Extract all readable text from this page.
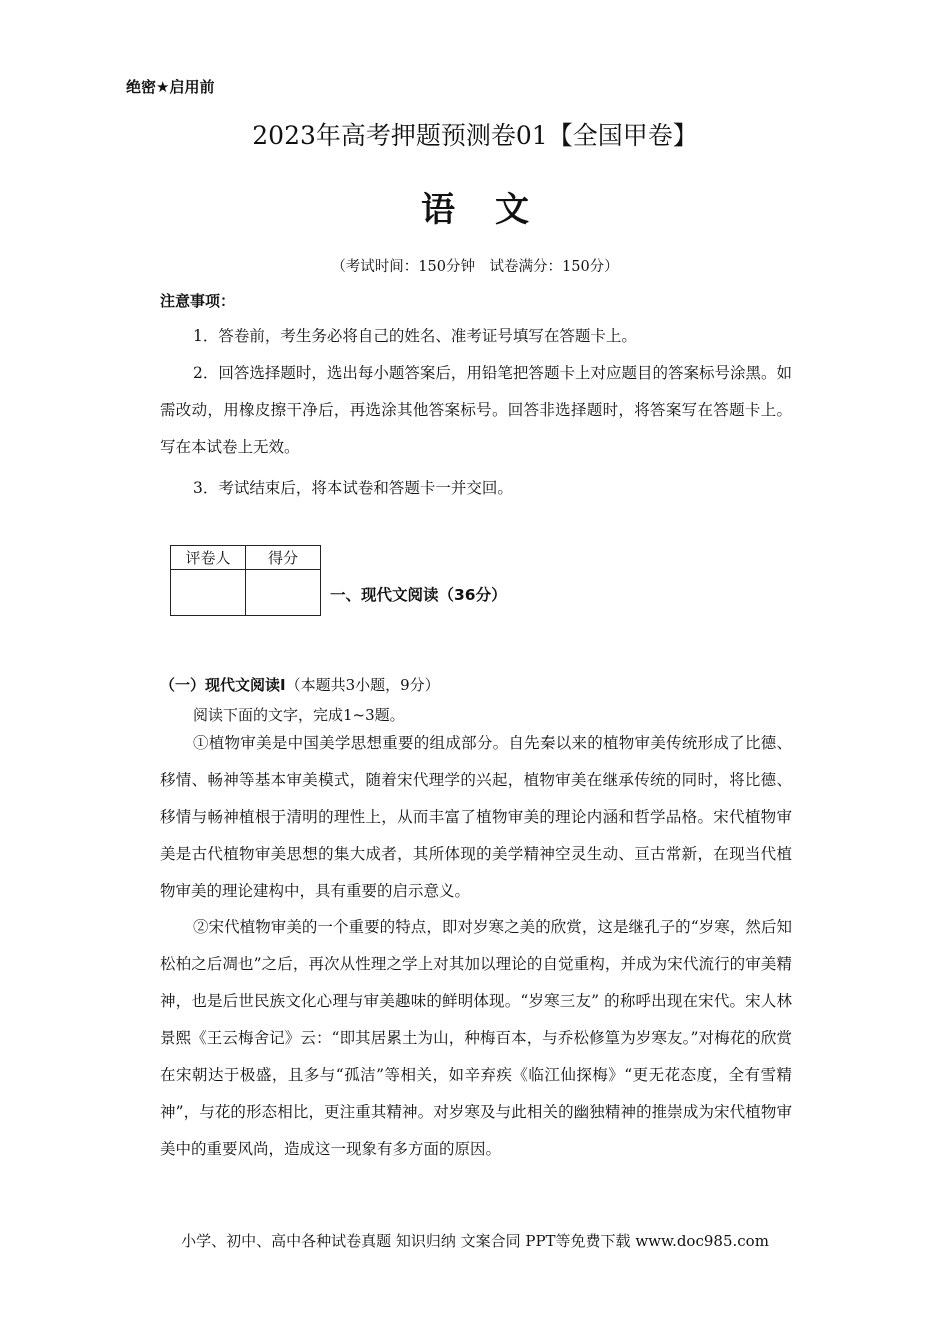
绝密★启用前
2023年高考押题预测卷01【全国甲卷】
语文
（考试时间：150分钟　试卷满分：150分）
注意事项：
1．答卷前，考生务必将自己的姓名、准考证号填写在答题卡上。
2．回答选择题时，选出每小题答案后，用铅笔把答题卡上对应题目的答案标号涂黑。如需改动，用橡皮擦干净后，再选涂其他答案标号。回答非选择题时，将答案写在答题卡上。写在本试卷上无效。
3．考试结束后，将本试卷和答题卡一并交回。
评卷人	得分

一、现代文阅读（36分）
（一）现代文阅读Ⅰ（本题共3小题，9分）
阅读下面的文字，完成1~3题。
①植物审美是中国美学思想重要的组成部分。自先秦以来的植物审美传统形成了比德、移情、畅神等基本审美模式，随着宋代理学的兴起，植物审美在继承传统的同时，将比德、移情与畅神植根于清明的理性上，从而丰富了植物审美的理论内涵和哲学品格。宋代植物审美是古代植物审美思想的集大成者，其所体现的美学精神空灵生动、亘古常新，在现当代植物审美的理论建构中，具有重要的启示意义。
②宋代植物审美的一个重要的特点，即对岁寒之美的欣赏，这是继孔子的“岁寒，然后知松柏之后凋也”之后，再次从性理之学上对其加以理论的自觉重构，并成为宋代流行的审美精神，也是后世民族文化心理与审美趣味的鲜明体现。“岁寒三友” 的称呼出现在宋代。宋人林景熙《王云梅舍记》云：“即其居累土为山，种梅百本，与乔松修篁为岁寒友。”对梅花的欣赏在宋朝达于极盛，且多与“孤洁”等相关，如辛弃疾《临江仙探梅》“更无花态度，全有雪精神”，与花的形态相比，更注重其精神。对岁寒及与此相关的幽独精神的推崇成为宋代植物审美中的重要风尚，造成这一现象有多方面的原因。
小学、初中、高中各种试卷真题 知识归纳 文案合同 PPT等免费下载 www.doc985.com
